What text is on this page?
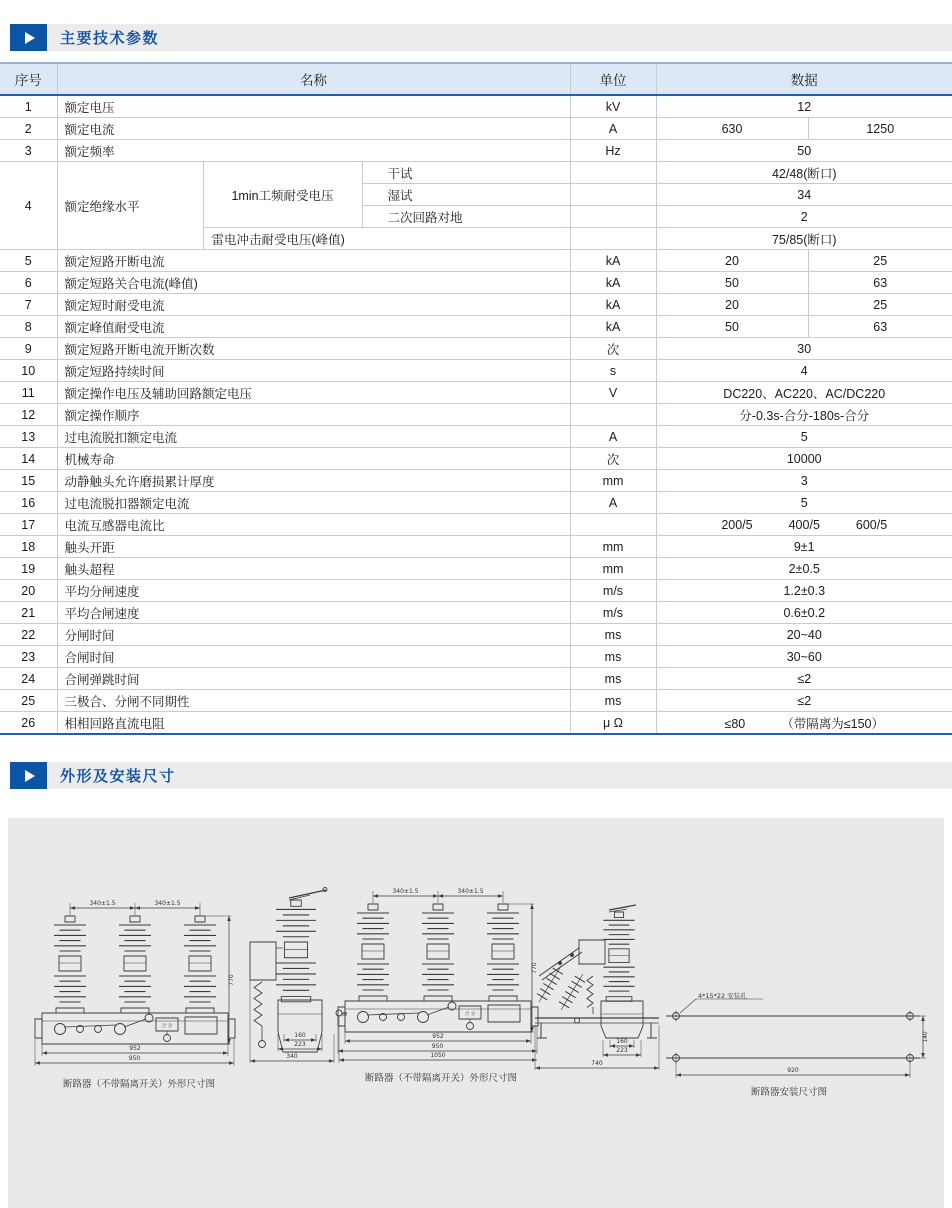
主要技术参数
序号	名称			单位	数据	
1	额定电压			kV	12	
2	额定电流			A	630	1250
3	额定频率			Hz	50	
4	额定绝缘水平	1min工频耐受电压	干试		42/48(断口)	
			湿试		34	
			二次回路对地		2	
		雷电冲击耐受电压(峰值)			75/85(断口)	
5	额定短路开断电流			kA	20	25
6	额定短路关合电流(峰值)			kA	50	63
7	额定短时耐受电流			kA	20	25
8	额定峰值耐受电流			kA	50	63
9	额定短路开断电流开断次数			次	30	
10	额定短路持续时间			s	4	
11	额定操作电压及辅助回路额定电压			V	DC220、AC220、AC/DC220	
12	额定操作顺序				分-0.3s-合分-180s-合分	
13	过电流脱扣额定电流			A	5	
14	机械寿命			次	10000	
15	动静触头允许磨损累计厚度			mm	3	
16	过电流脱扣器额定电流			A	5	
17	电流互感器电流比				200/5 400/5 600/5	
18	触头开距			mm	9±1	
19	触头超程			mm	2±0.5	
20	平均分闸速度			m/s	1.2±0.3	
21	平均合闸速度			m/s	0.6±0.2	
22	分闸时间			ms	20~40	
23	合闸时间			ms	30~60	
24	合闸弹跳时间			ms	≤2	
25	三极合、分闸不同期性			ms	≤2	
26	相相回路直流电阻			μ Ω	≤80 （带隔离为≤150）	
外形及安装尺寸
合 分
340±1.5	340±1.5
770
952
950
160
223
340
合 分
340±1.5	340±1.5
770
952
950
1050
160
223
740
4*15*22 安装孔
140
920
断路器（不带隔离开关）外形尺寸图
断路器（不带隔离开关）外形尺寸图
断路器安装尺寸图
